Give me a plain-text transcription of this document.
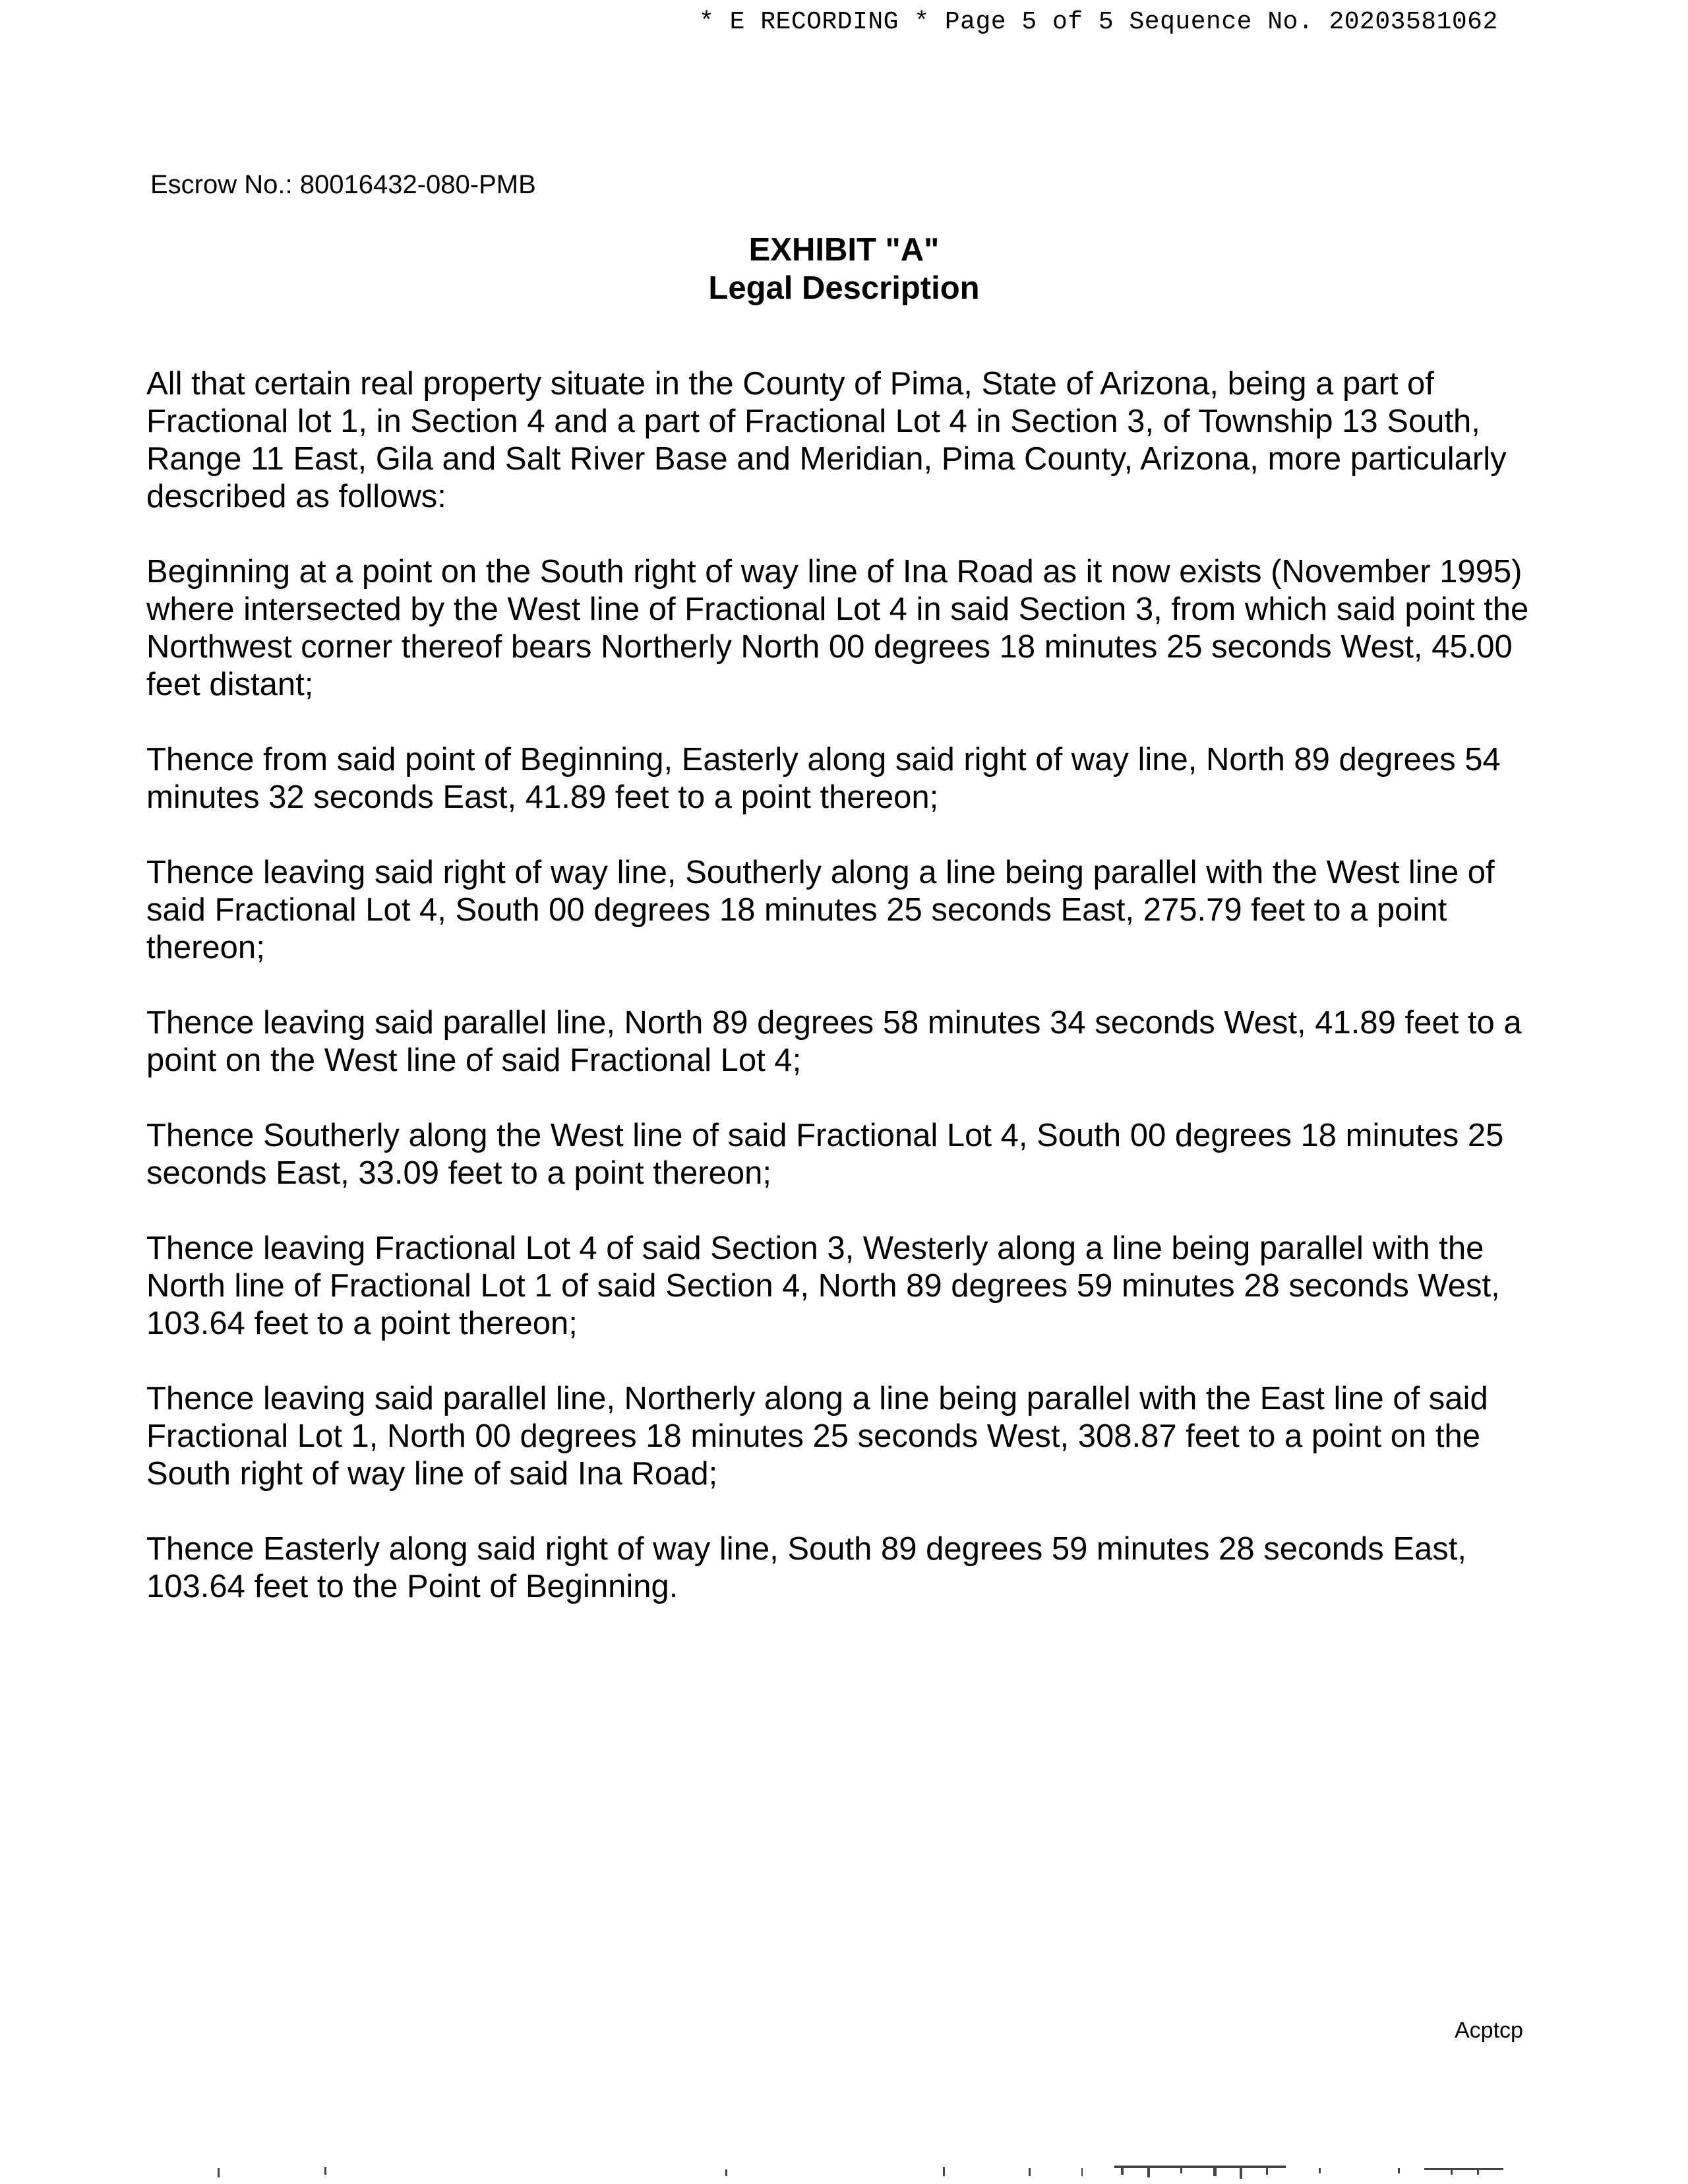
* E RECORDING * Page 5 of 5 Sequence No. 20203581062
Escrow No.: 80016432-080-PMB
EXHIBIT "A"
Legal Description

All that certain real property situate in the County of Pima, State of Arizona, being a part of Fractional lot 1, in Section 4 and a part of Fractional Lot 4 in Section 3, of Township 13 South, Range 11 East, Gila and Salt River Base and Meridian, Pima County, Arizona, more particularly described as follows:

Beginning at a point on the South right of way line of Ina Road as it now exists (November 1995) where intersected by the West line of Fractional Lot 4 in said Section 3, from which said point the Northwest corner thereof bears Northerly North 00 degrees 18 minutes 25 seconds West, 45.00 feet distant;

Thence from said point of Beginning, Easterly along said right of way line, North 89 degrees 54 minutes 32 seconds East, 41.89 feet to a point thereon;

Thence leaving said right of way line, Southerly along a line being parallel with the West line of said Fractional Lot 4, South 00 degrees 18 minutes 25 seconds East, 275.79 feet to a point thereon;

Thence leaving said parallel line, North 89 degrees 58 minutes 34 seconds West, 41.89 feet to a point on the West line of said Fractional Lot 4;

Thence Southerly along the West line of said Fractional Lot 4, South 00 degrees 18 minutes 25 seconds East, 33.09 feet to a point thereon;

Thence leaving Fractional Lot 4 of said Section 3, Westerly along a line being parallel with the North line of Fractional Lot 1 of said Section 4, North 89 degrees 59 minutes 28 seconds West, 103.64 feet to a point thereon;

Thence leaving said parallel line, Northerly along a line being parallel with the East line of said Fractional Lot 1, North 00 degrees 18 minutes 25 seconds West, 308.87 feet to a point on the South right of way line of said Ina Road;

Thence Easterly along said right of way line, South 89 degrees 59 minutes 28 seconds East, 103.64 feet to the Point of Beginning.

Acptcp
